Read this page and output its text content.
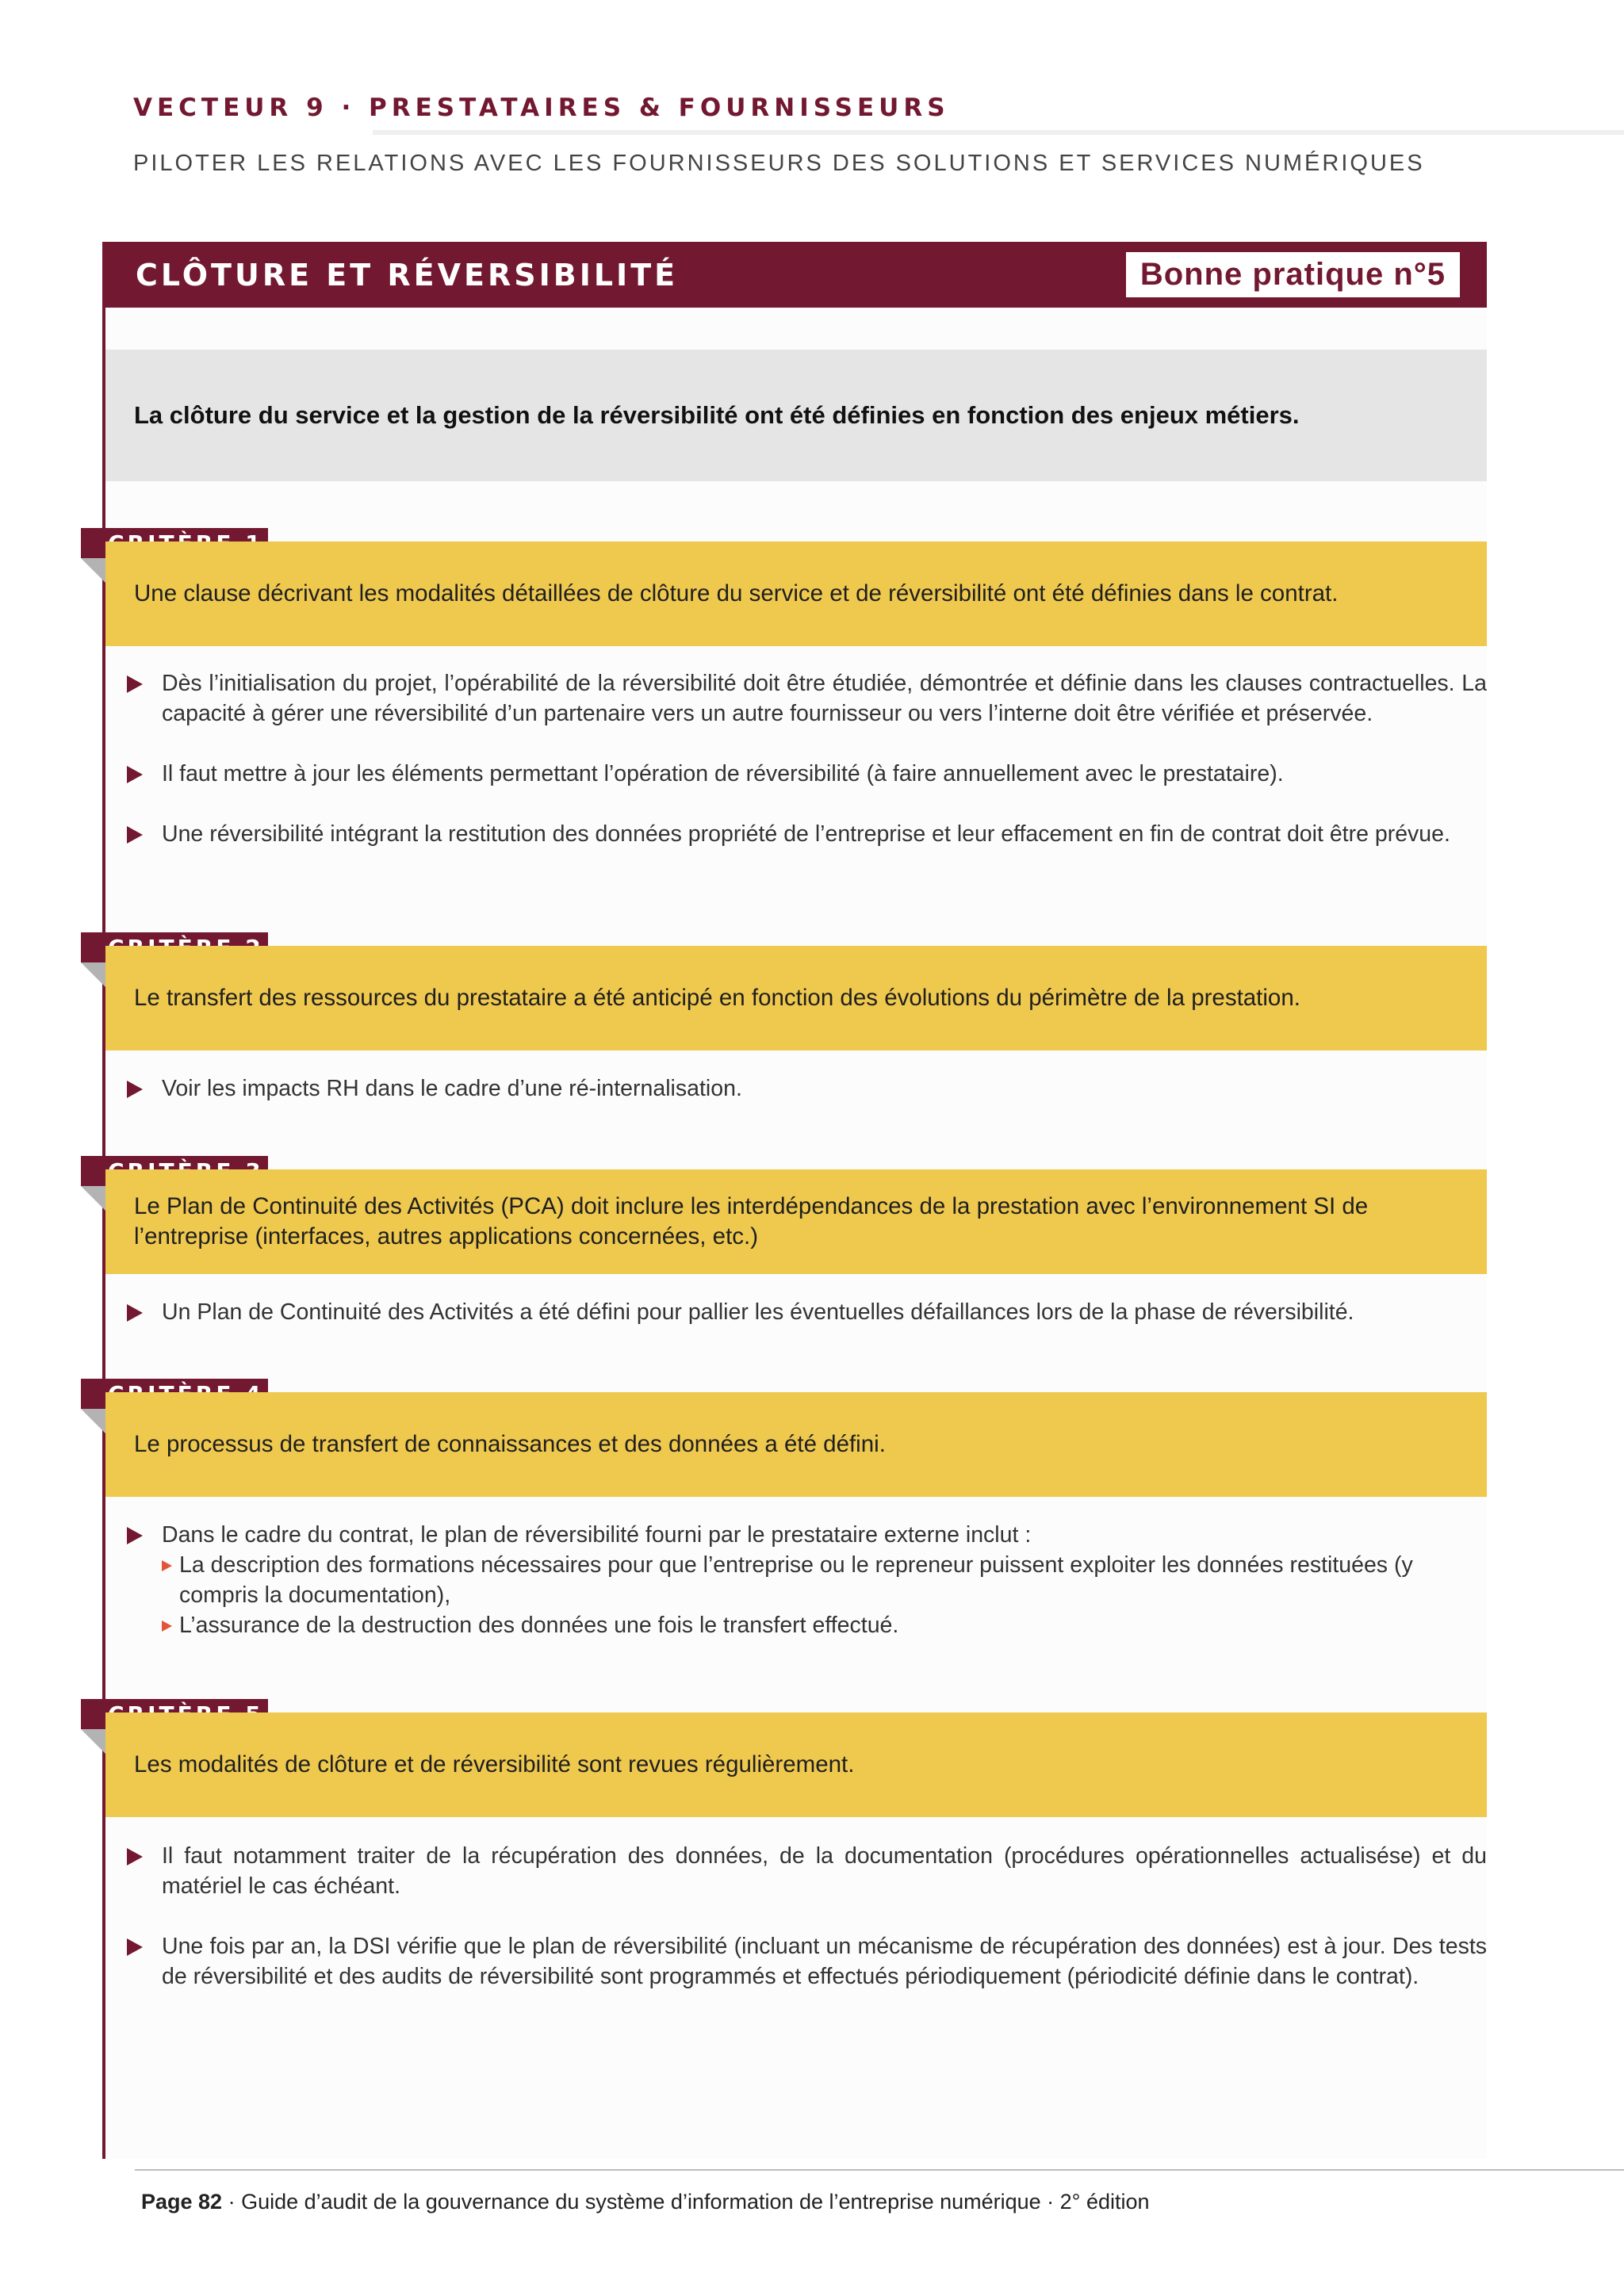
VECTEUR 9 · PRESTATAIRES & FOURNISSEURS
PILOTER LES RELATIONS AVEC LES FOURNISSEURS DES SOLUTIONS ET SERVICES NUMÉRIQUES
CLÔTURE ET RÉVERSIBILITÉ	Bonne pratique n°5
La clôture du service et la gestion de la réversibilité ont été définies en fonction des enjeux métiers.
Une clause décrivant les modalités détaillées de clôture du service et de réversibilité ont été définies dans le contrat.
Dès l’initialisation du projet, l’opérabilité de la réversibilité doit être étudiée, démontrée et définie dans les clauses contractuelles. La capacité à gérer une réversibilité d’un partenaire vers un autre fournisseur ou vers l’interne doit être vérifiée et préservée.
Il faut mettre à jour les éléments permettant l’opération de réversibilité (à faire annuellement avec le prestataire).
Une réversibilité intégrant la restitution des données propriété de l’entreprise et leur effacement en fin de contrat doit être prévue.
Le transfert des ressources du prestataire a été anticipé en fonction des évolutions du périmètre de la prestation.
Voir les impacts RH dans le cadre d’une ré-internalisation.
Le Plan de Continuité des Activités (PCA) doit inclure les interdépendances de la prestation avec l’environnement SI de l’entreprise (interfaces, autres applications concernées, etc.)
Un Plan de Continuité des Activités a été défini pour pallier les éventuelles défaillances lors de la phase de réversibilité.
Le processus de transfert de connaissances et des données a été défini.
Dans le cadre du contrat, le plan de réversibilité fourni par le prestataire externe inclut :
La description des formations nécessaires pour que l’entreprise ou le repreneur puissent exploiter les données restituées (y compris la documentation),
L’assurance de la destruction des données une fois le transfert effectué.
Les modalités de clôture et de réversibilité sont revues régulièrement.
Il faut notamment traiter de la récupération des données, de la documentation (procédures opérationnelles actualisése) et du matériel le cas échéant.
Une fois par an, la DSI vérifie que le plan de réversibilité (incluant un mécanisme de récupération des données) est à jour. Des tests de réversibilité et des audits de réversibilité sont programmés et effectués périodiquement (périodicité définie dans le contrat).
Page 82 · Guide d’audit de la gouvernance du système d’information de l’entreprise numérique · 2° édition
